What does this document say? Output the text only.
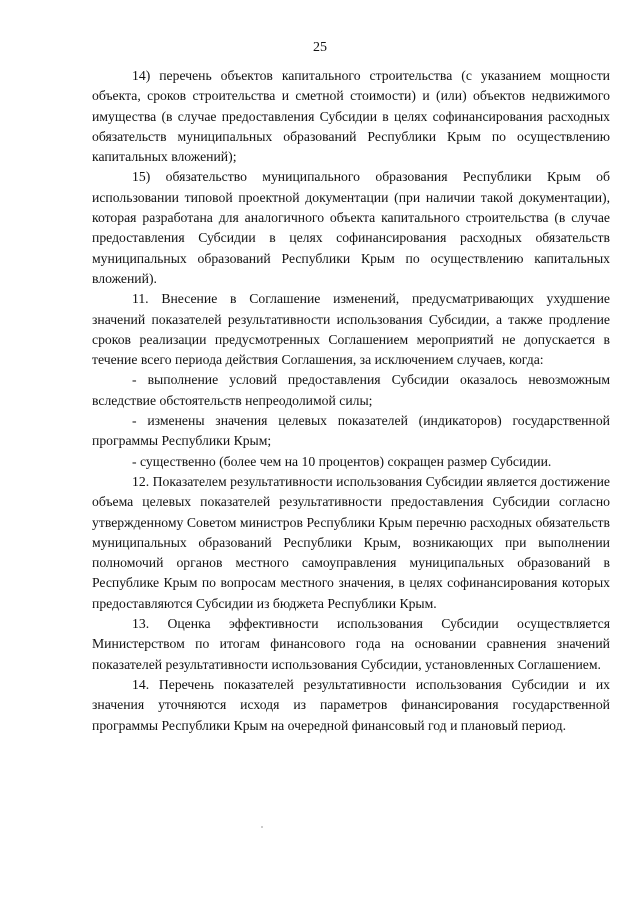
25

14) перечень объектов капитального строительства (с указанием мощности объекта, сроков строительства и сметной стоимости) и (или) объектов недвижимого имущества (в случае предоставления Субсидии в целях софинансирования расходных обязательств муниципальных образований Республики Крым по осуществлению капитальных вложений);

15) обязательство муниципального образования Республики Крым об использовании типовой проектной документации (при наличии такой документации), которая разработана для аналогичного объекта капитального строительства (в случае предоставления Субсидии в целях софинансирования расходных обязательств муниципальных образований Республики Крым по осуществлению капитальных вложений).

11. Внесение в Соглашение изменений, предусматривающих ухудшение значений показателей результативности использования Субсидии, а также продление сроков реализации предусмотренных Соглашением мероприятий не допускается в течение всего периода действия Соглашения, за исключением случаев, когда:

- выполнение условий предоставления Субсидии оказалось невозможным вследствие обстоятельств непреодолимой силы;

- изменены значения целевых показателей (индикаторов) государственной программы Республики Крым;

- существенно (более чем на 10 процентов) сокращен размер Субсидии.

12. Показателем результативности использования Субсидии является достижение объема целевых показателей результативности предоставления Субсидии согласно утвержденному Советом министров Республики Крым перечню расходных обязательств муниципальных образований Республики Крым, возникающих при выполнении полномочий органов местного самоуправления муниципальных образований в Республике Крым по вопросам местного значения, в целях софинансирования которых предоставляются Субсидии из бюджета Республики Крым.

13. Оценка эффективности использования Субсидии осуществляется Министерством по итогам финансового года на основании сравнения значений показателей результативности использования Субсидии, установленных Соглашением.

14. Перечень показателей результативности использования Субсидии и их значения уточняются исходя из параметров финансирования государственной программы Республики Крым на очередной финансовый год и плановый период.
